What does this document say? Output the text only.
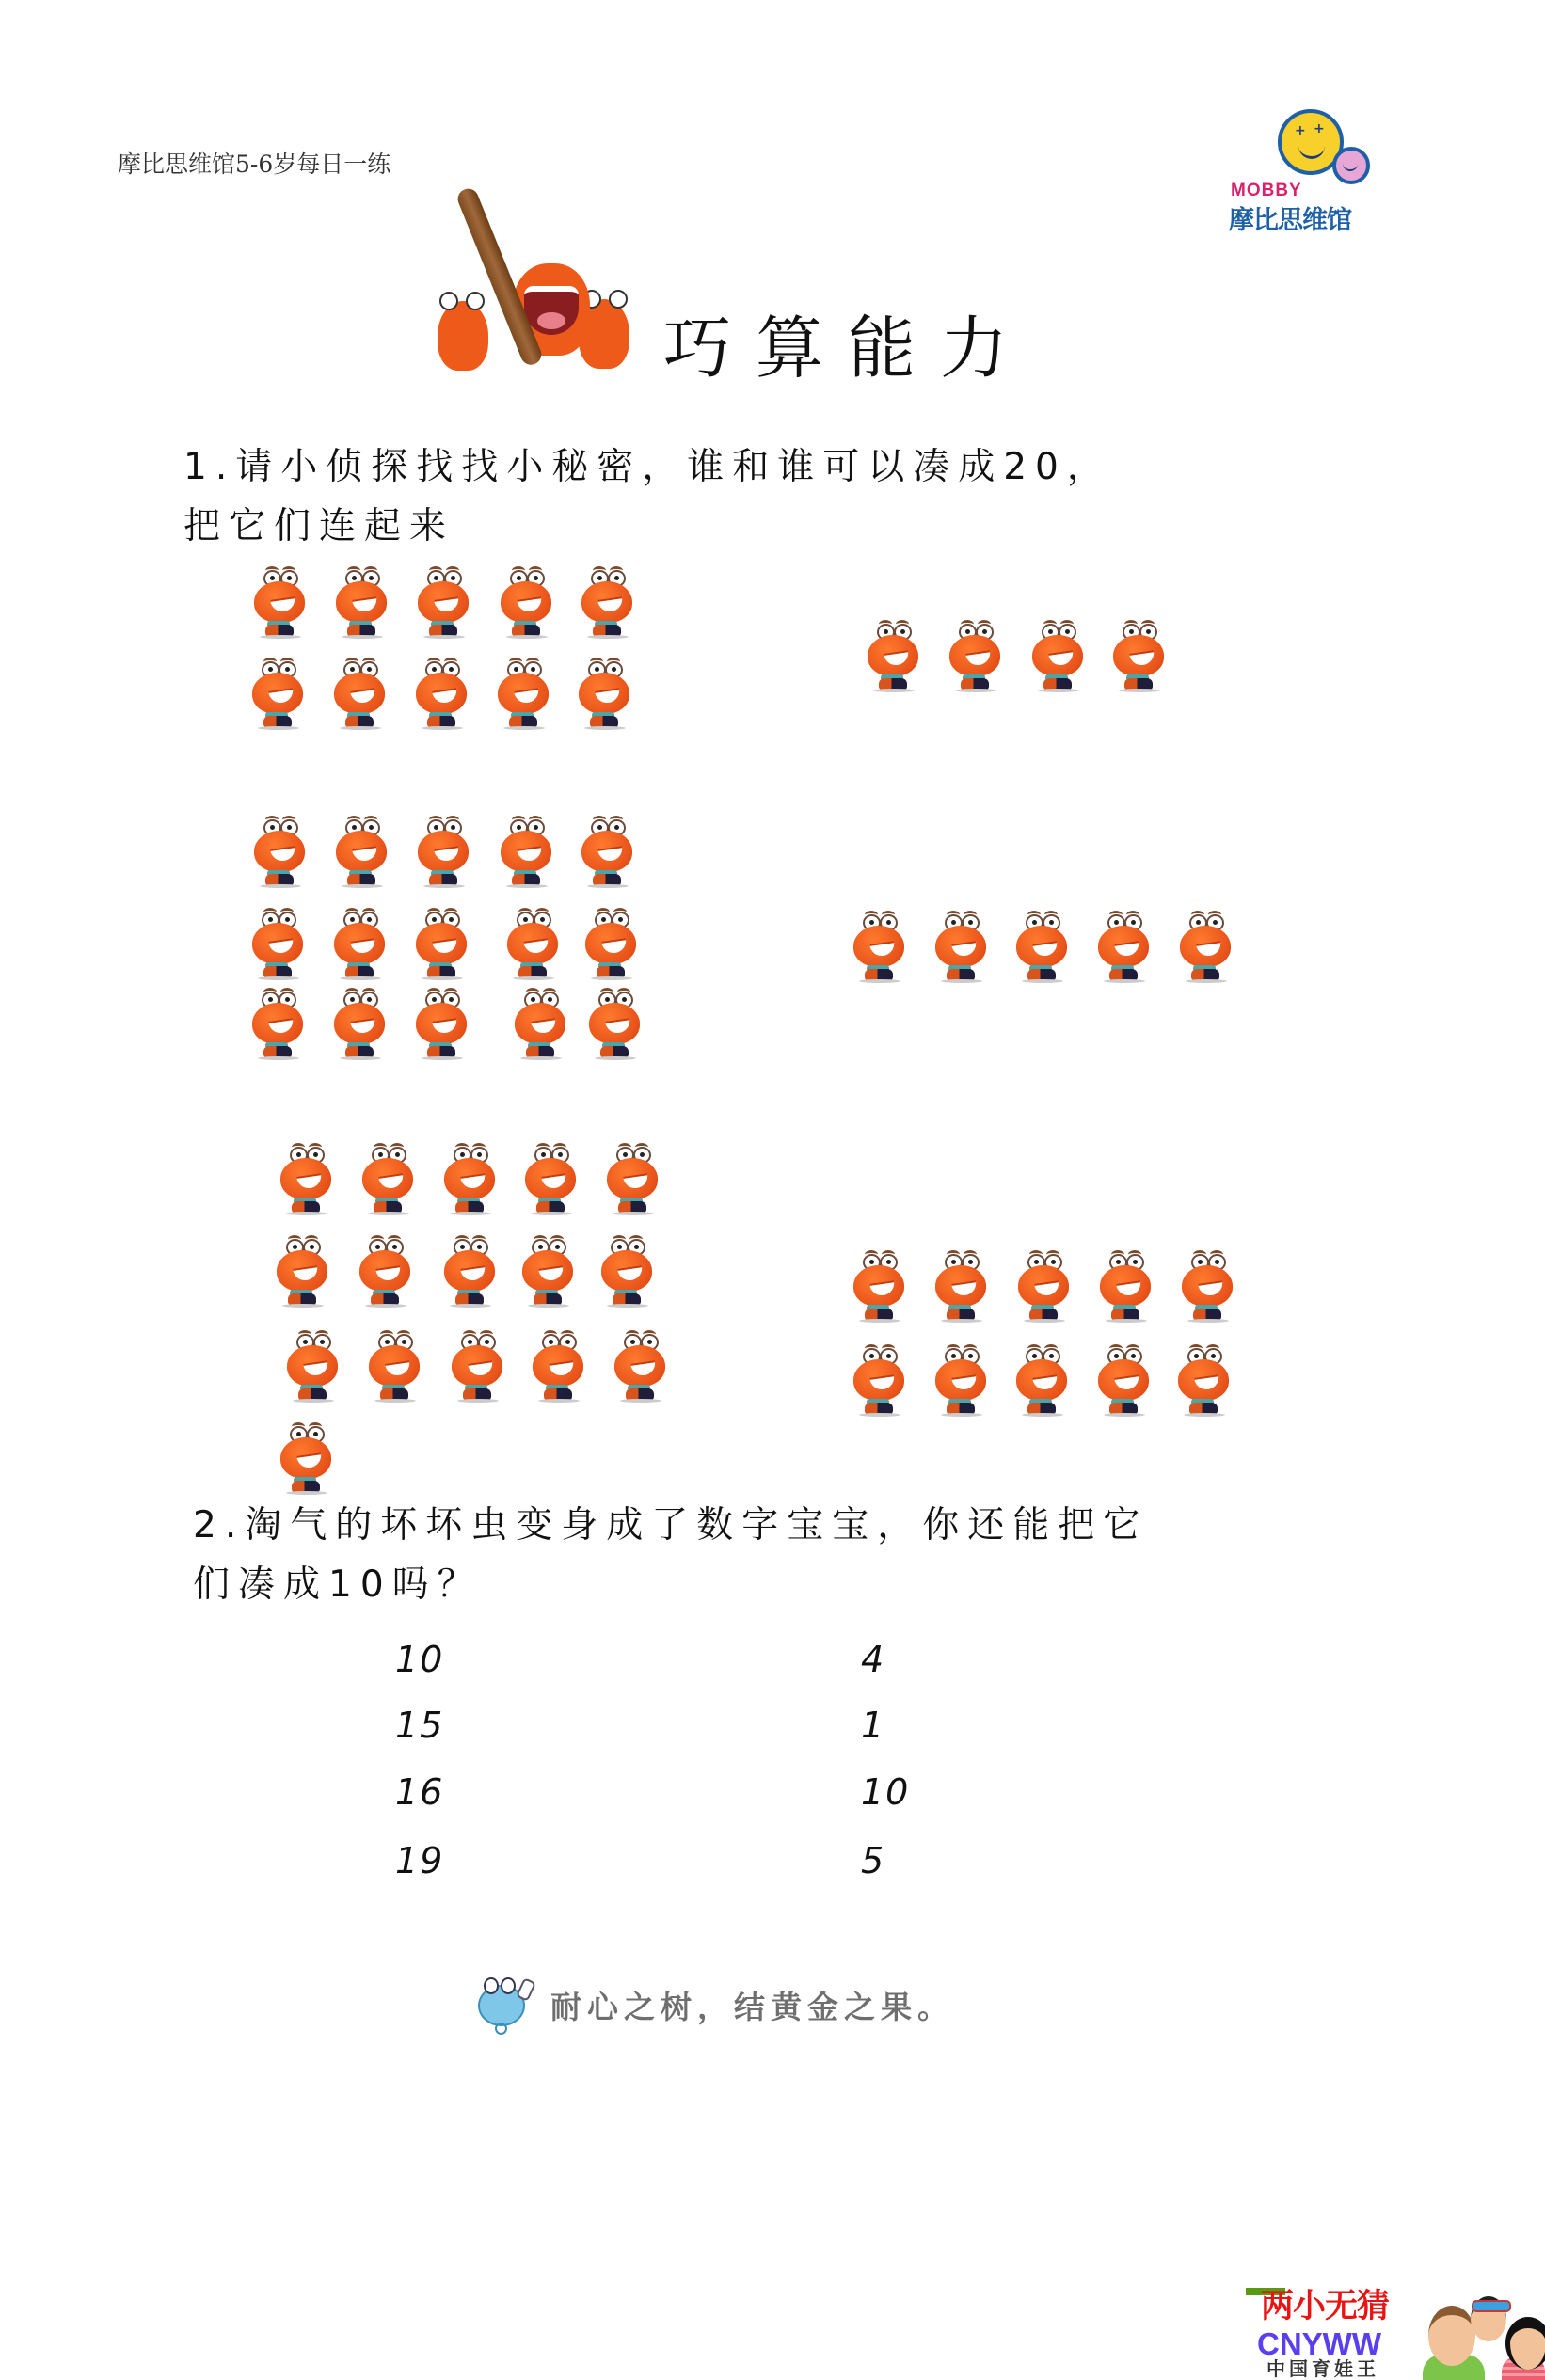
摩比思维馆5-6岁每日一练
+ +
MOBBY
摩比思维馆
巧算能力
1.请小侦探找找小秘密，谁和谁可以凑成20，
把它们连起来
2.淘气的坏坏虫变身成了数字宝宝，你还能把它
们凑成10吗？
10
15
16
19
4
1
10
5
耐心之树，结黄金之果。
两小无猜
CNYWW
中国育娃王
